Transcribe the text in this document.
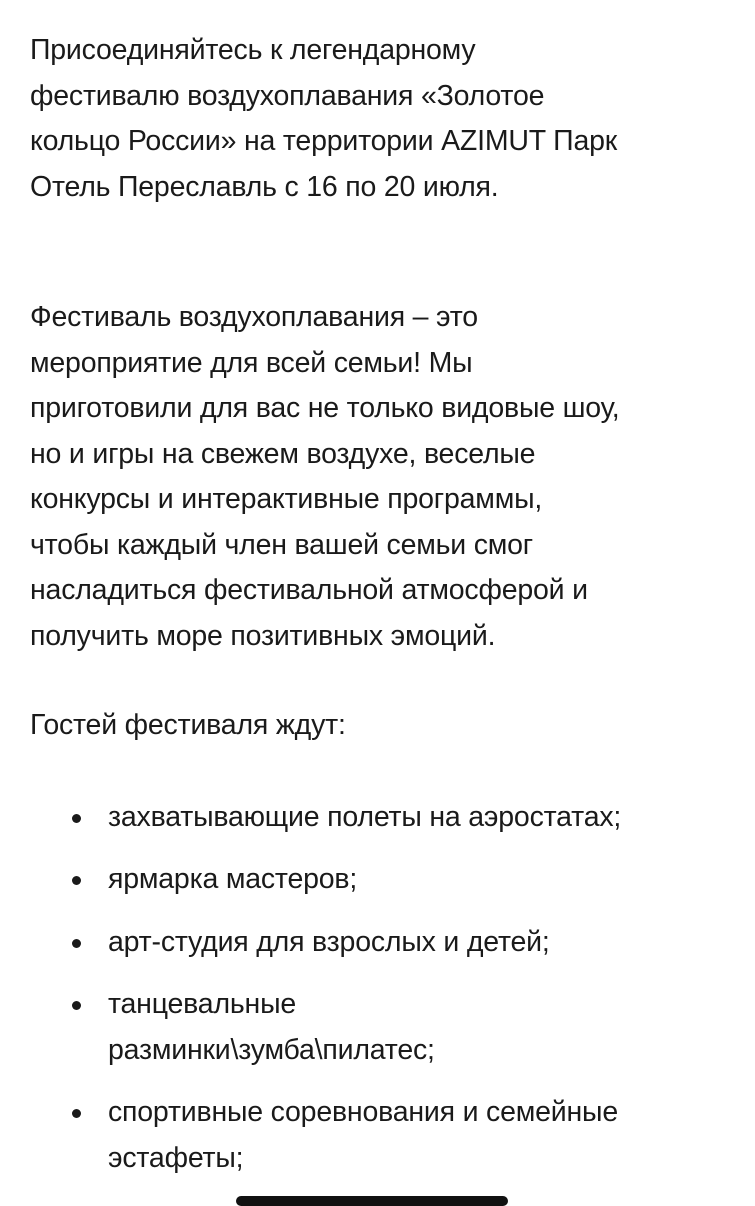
Присоединяйтесь к легендарному
фестивалю воздухоплавания «Золотое
кольцо России» на территории AZIMUT Парк
Отель Переславль с 16 по 20 июля.

Фестиваль воздухоплавания – это
мероприятие для всей семьи! Мы
приготовили для вас не только видовые шоу,
но и игры на свежем воздухе, веселые
конкурсы и интерактивные программы,
чтобы каждый член вашей семьи смог
насладиться фестивальной атмосферой и
получить море позитивных эмоций.

Гостей фестиваля ждут:

захватывающие полеты на аэростатах;
ярмарка мастеров;
арт-студия для взрослых и детей;
танцевальные
разминки\зумба\пилатес;
спортивные соревнования и семейные
эстафеты;
